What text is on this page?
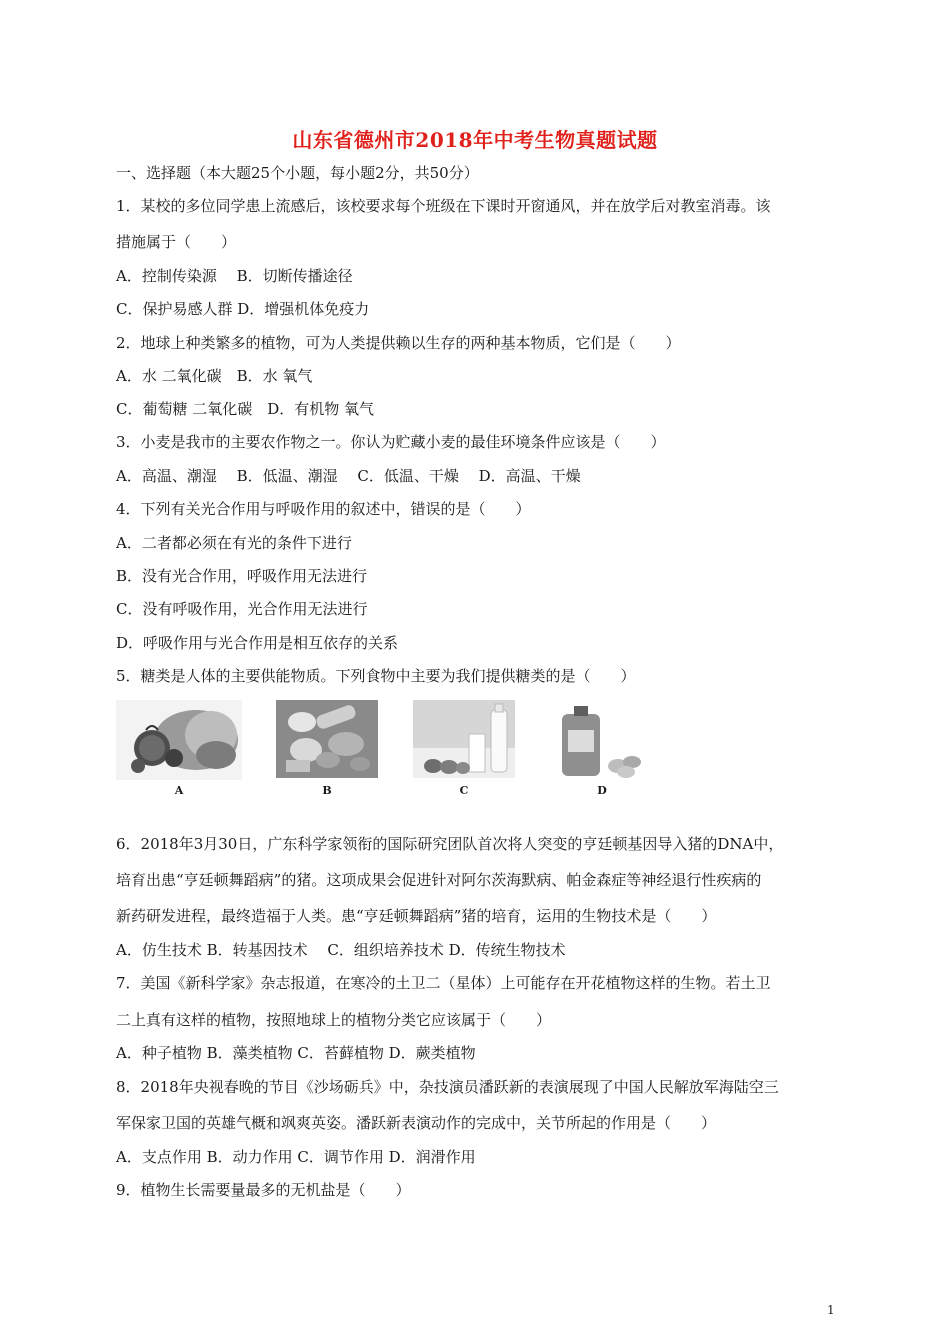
山东省德州市2018年中考生物真题试题
一、选择题（本大题25个小题，每小题2分，共50分）
1．某校的多位同学患上流感后，该校要求每个班级在下课时开窗通风，并在放学后对教室消毒。该
措施属于（　　）
A．控制传染源　 B．切断传播途径
C．保护易感人群 D．增强机体免疫力
2．地球上种类繁多的植物，可为人类提供赖以生存的两种基本物质，它们是（　　）
A．水 二氧化碳　B．水 氧气
C．葡萄糖 二氧化碳　D．有机物 氧气
3．小麦是我市的主要农作物之一。你认为贮藏小麦的最佳环境条件应该是（　　）
A．高温、潮湿　 B．低温、潮湿　 C．低温、干燥　 D．高温、干燥
4．下列有关光合作用与呼吸作用的叙述中，错误的是（　　）
A．二者都必须在有光的条件下进行
B．没有光合作用，呼吸作用无法进行
C．没有呼吸作用，光合作用无法进行
D．呼吸作用与光合作用是相互依存的关系
5．糖类是人体的主要供能物质。下列食物中主要为我们提供糖类的是（　　）
A	B	C	D
6．2018年3月30日，广东科学家领衔的国际研究团队首次将人突变的亨廷顿基因导入猪的DNA中，
培育出患“亨廷顿舞蹈病”的猪。这项成果会促进针对阿尔茨海默病、帕金森症等神经退行性疾病的
新药研发进程，最终造福于人类。患“亨廷顿舞蹈病”猪的培育，运用的生物技术是（　　）
A．仿生技术 B．转基因技术　 C．组织培养技术 D．传统生物技术
7．美国《新科学家》杂志报道，在寒冷的土卫二（星体）上可能存在开花植物这样的生物。若土卫
二上真有这样的植物，按照地球上的植物分类它应该属于（　　）
A．种子植物 B．藻类植物 C．苔藓植物 D．蕨类植物
8．2018年央视春晚的节目《沙场砺兵》中，杂技演员潘跃新的表演展现了中国人民解放军海陆空三
军保家卫国的英雄气概和飒爽英姿。潘跃新表演动作的完成中，关节所起的作用是（　　）
A．支点作用 B．动力作用 C．调节作用 D．润滑作用
9．植物生长需要量最多的无机盐是（　　）
1
